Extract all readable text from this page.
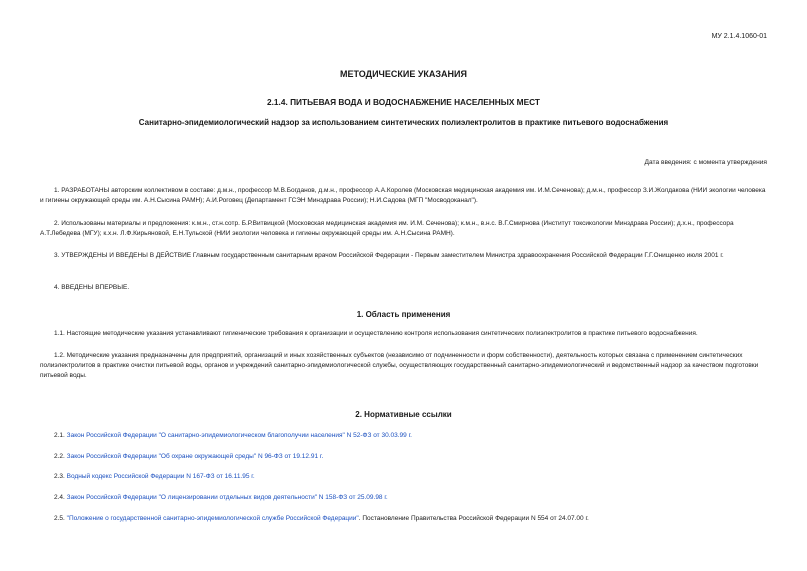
МУ 2.1.4.1060-01
МЕТОДИЧЕСКИЕ УКАЗАНИЯ
2.1.4. ПИТЬЕВАЯ ВОДА И ВОДОСНАБЖЕНИЕ НАСЕЛЕННЫХ МЕСТ
Санитарно-эпидемиологический надзор за использованием синтетических полиэлектролитов в практике питьевого водоснабжения
Дата введения: с момента утверждения
1. РАЗРАБОТАНЫ авторским коллективом в составе: д.м.н., профессор М.В.Богданов, д.м.н., профессор А.А.Королев (Московская медицинская академия им. И.М.Сеченова); д.м.н., профессор З.И.Жолдакова (НИИ экологии человека и гигиены окружающей среды им. А.Н.Сысина РАМН); А.И.Роговец (Департамент ГСЭН Минздрава России); Н.И.Садова (МГП "Мосводоканал").
2. Использованы материалы и предложения: к.м.н., ст.н.сотр. Б.Р.Витвицкой (Московская медицинская академия им. И.М. Сеченова); к.м.н., в.н.с. В.Г.Смирнова (Институт токсикологии Минздрава России); д.х.н., профессора А.Т.Лебедева (МГУ); к.х.н. Л.Ф.Кирьяновой, Е.Н.Тульской (НИИ экологии человека и гигиены окружающей среды им. А.Н.Сысина РАМН).
3. УТВЕРЖДЕНЫ И ВВЕДЕНЫ В ДЕЙСТВИЕ Главным государственным санитарным врачом Российской Федерации - Первым заместителем Министра здравоохранения Российской Федерации Г.Г.Онищенко июля 2001 г.
4. ВВЕДЕНЫ ВПЕРВЫЕ.
1. Область применения
1.1. Настоящие методические указания устанавливают гигиенические требования к организации и осуществлению контроля использования синтетических полиэлектролитов в практике питьевого водоснабжения.
1.2. Методические указания предназначены для предприятий, организаций и иных хозяйственных субъектов (независимо от подчиненности и форм собственности), деятельность которых связана с применением синтетических полиэлектролитов в практике очистки питьевой воды, органов и учреждений санитарно-эпидемиологической службы, осуществляющих государственный санитарно-эпидемиологический и ведомственный надзор за качеством подготовки питьевой воды.
2. Нормативные ссылки
2.1. Закон Российской Федерации "О санитарно-эпидемиологическом благополучии населения" N 52-ФЗ от 30.03.99 г.
2.2. Закон Российской Федерации "Об охране окружающей среды" N 96-ФЗ от 19.12.91 г.
2.3. Водный кодекс Российской Федерации N 167-ФЗ от 16.11.95 г.
2.4. Закон Российской Федерации "О лицензировании отдельных видов деятельности" N 158-ФЗ от 25.09.98 г.
2.5. "Положение о государственной санитарно-эпидемиологической службе Российской Федерации". Постановление Правительства Российской Федерации N 554 от 24.07.00 г.
